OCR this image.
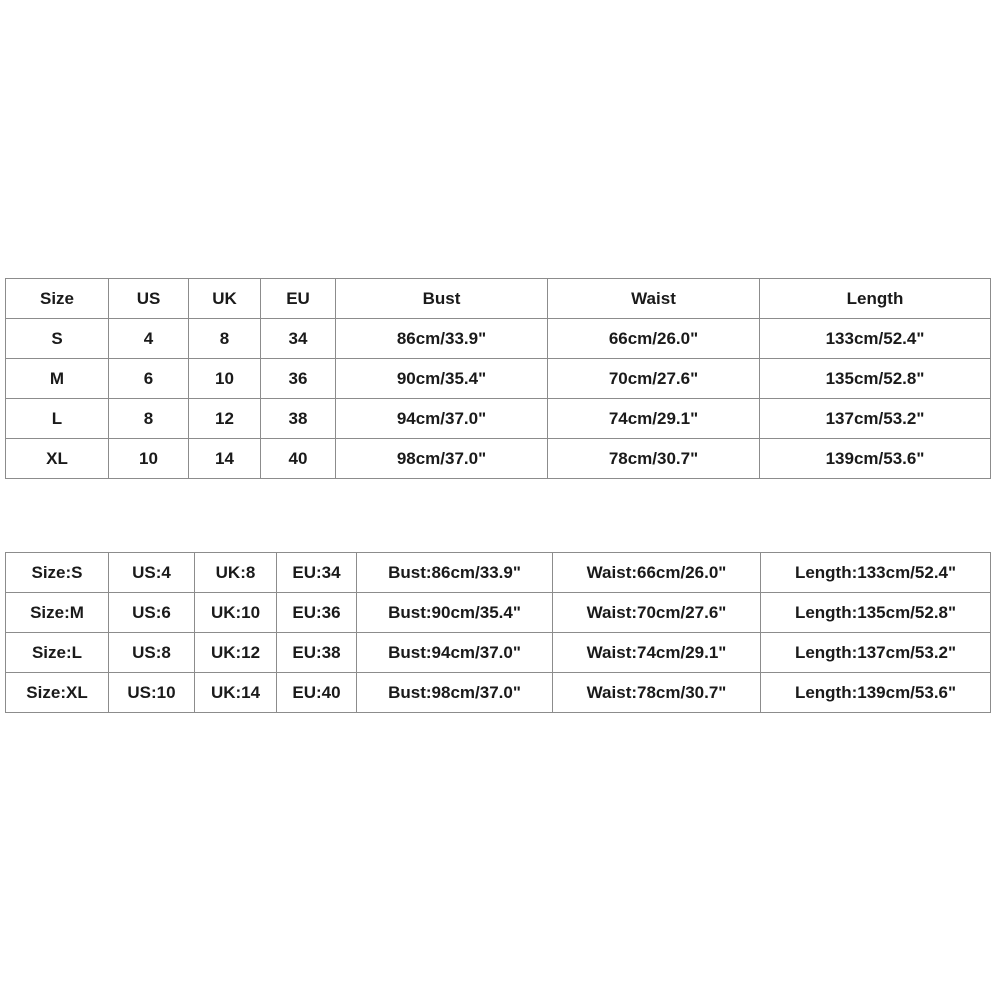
Size	US	UK	EU	Bust	Waist	Length
S	4	8	34	86cm/33.9"	66cm/26.0"	133cm/52.4"
M	6	10	36	90cm/35.4"	70cm/27.6"	135cm/52.8"
L	8	12	38	94cm/37.0"	74cm/29.1"	137cm/53.2"
XL	10	14	40	98cm/37.0"	78cm/30.7"	139cm/53.6"
Size:S	US:4	UK:8	EU:34	Bust:86cm/33.9"	Waist:66cm/26.0"	Length:133cm/52.4"
Size:M	US:6	UK:10	EU:36	Bust:90cm/35.4"	Waist:70cm/27.6"	Length:135cm/52.8"
Size:L	US:8	UK:12	EU:38	Bust:94cm/37.0"	Waist:74cm/29.1"	Length:137cm/53.2"
Size:XL	US:10	UK:14	EU:40	Bust:98cm/37.0"	Waist:78cm/30.7"	Length:139cm/53.6"
